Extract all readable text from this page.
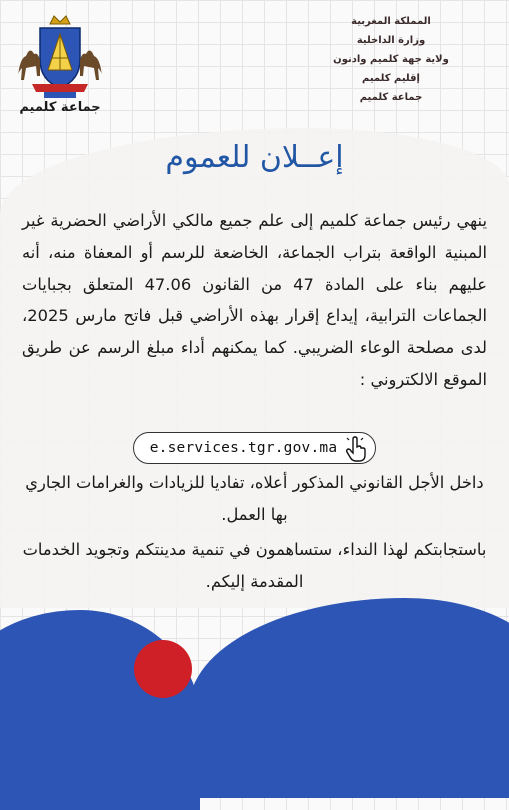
جماعة كلميم
المملكة المغربية
وزارة الداخلية
ولاية جهة كلميم وادنون
إقليم كلميم
جماعة كلميم
إعــلان للعموم
ينهي رئيس جماعة كلميم إلى علم جميع مالكي الأراضي الحضرية غير المبنية الواقعة بتراب الجماعة، الخاضعة للرسم أو المعفاة منه، أنه عليهم بناء على المادة 47 من القانون 47.06 المتعلق بجبايات الجماعات الترابية، إيداع إقرار بهذه الأراضي قبل فاتح مارس 2025، لدى مصلحة الوعاء الضريبي. كما يمكنهم أداء مبلغ الرسم عن طريق الموقع الالكتروني :
e.services.tgr.gov.ma
داخل الأجل القانوني المذكور أعلاه، تفاديا للزيادات والغرامات الجاري بها العمل.
باستجابتكم لهذا النداء، ستساهمون في تنمية مدينتكم وتجويد الخدمات المقدمة إليكم.
